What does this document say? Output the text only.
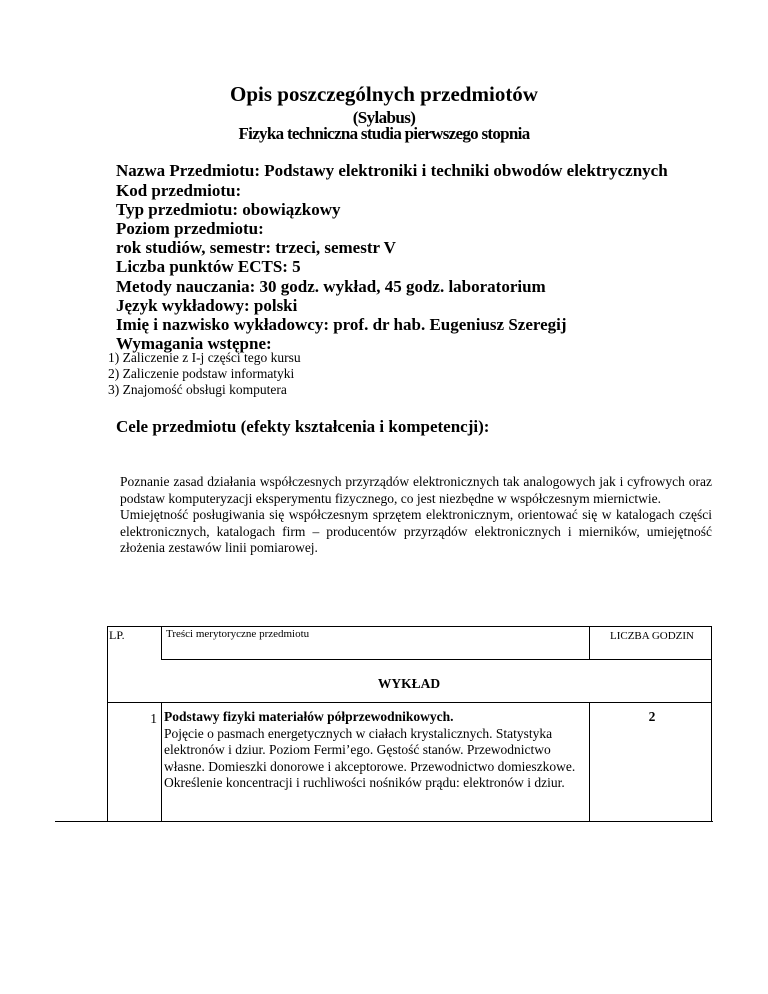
Opis poszczególnych przedmiotów
(Sylabus)
Fizyka techniczna studia pierwszego stopnia
Nazwa Przedmiotu: Podstawy elektroniki i techniki obwodów elektrycznych
Kod przedmiotu:
Typ przedmiotu: obowiązkowy
Poziom przedmiotu:
rok studiów, semestr: trzeci, semestr V
Liczba punktów ECTS: 5
Metody nauczania: 30 godz. wykład, 45 godz. laboratorium
Język wykładowy: polski
Imię i nazwisko wykładowcy: prof. dr hab. Eugeniusz Szeregij
Wymagania wstępne:
1) Zaliczenie z I-j części tego kursu
2) Zaliczenie podstaw informatyki
3) Znajomość obsługi komputera
Cele przedmiotu (efekty kształcenia i kompetencji):

Poznanie zasad działania współczesnych przyrządów elektronicznych tak analogowych jak i cyfrowych oraz podstaw komputeryzacji eksperymentu fizycznego, co jest niezbędne w współczesnym miernictwie.

Umiejętność posługiwania się współczesnym sprzętem elektronicznym, orientować się w katalogach części elektronicznych, katalogach firm – producentów przyrządów elektronicznych i mierników, umiejętność złożenia zestawów linii pomiarowej.

LP.	Treści merytoryczne przedmiotu	LICZBA GODZIN
WYKŁAD
1 Podstawy fizyki materiałów półprzewodnikowych.
Pojęcie o pasmach energetycznych w ciałach krystalicznych. Statystyka elektronów i dziur. Poziom Fermi’ego. Gęstość stanów. Przewodnictwo własne. Domieszki donorowe i akceptorowe. Przewodnictwo domieszkowe. Określenie koncentracji i ruchliwości nośników prądu: elektronów i dziur.
2
